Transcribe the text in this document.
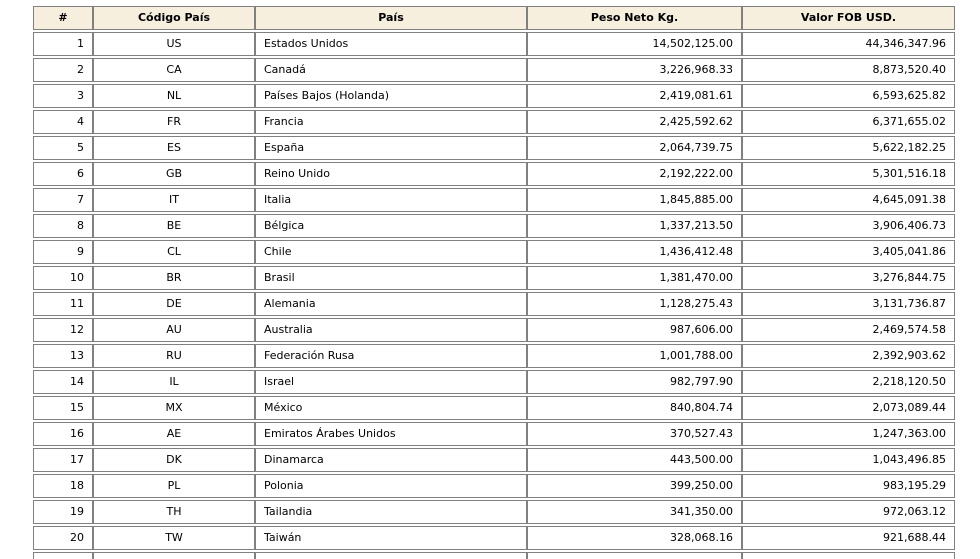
#	Código País	País	Peso Neto Kg.	Valor FOB USD.
1	US	Estados Unidos	14,502,125.00	44,346,347.96
2	CA	Canadá	3,226,968.33	8,873,520.40
3	NL	Países Bajos (Holanda)	2,419,081.61	6,593,625.82
4	FR	Francia	2,425,592.62	6,371,655.02
5	ES	España	2,064,739.75	5,622,182.25
6	GB	Reino Unido	2,192,222.00	5,301,516.18
7	IT	Italia	1,845,885.00	4,645,091.38
8	BE	Bélgica	1,337,213.50	3,906,406.73
9	CL	Chile	1,436,412.48	3,405,041.86
10	BR	Brasil	1,381,470.00	3,276,844.75
11	DE	Alemania	1,128,275.43	3,131,736.87
12	AU	Australia	987,606.00	2,469,574.58
13	RU	Federación Rusa	1,001,788.00	2,392,903.62
14	IL	Israel	982,797.90	2,218,120.50
15	MX	México	840,804.74	2,073,089.44
16	AE	Emiratos Árabes Unidos	370,527.43	1,247,363.00
17	DK	Dinamarca	443,500.00	1,043,496.85
18	PL	Polonia	399,250.00	983,195.29
19	TH	Tailandia	341,350.00	972,063.12
20	TW	Taiwán	328,068.16	921,688.44
